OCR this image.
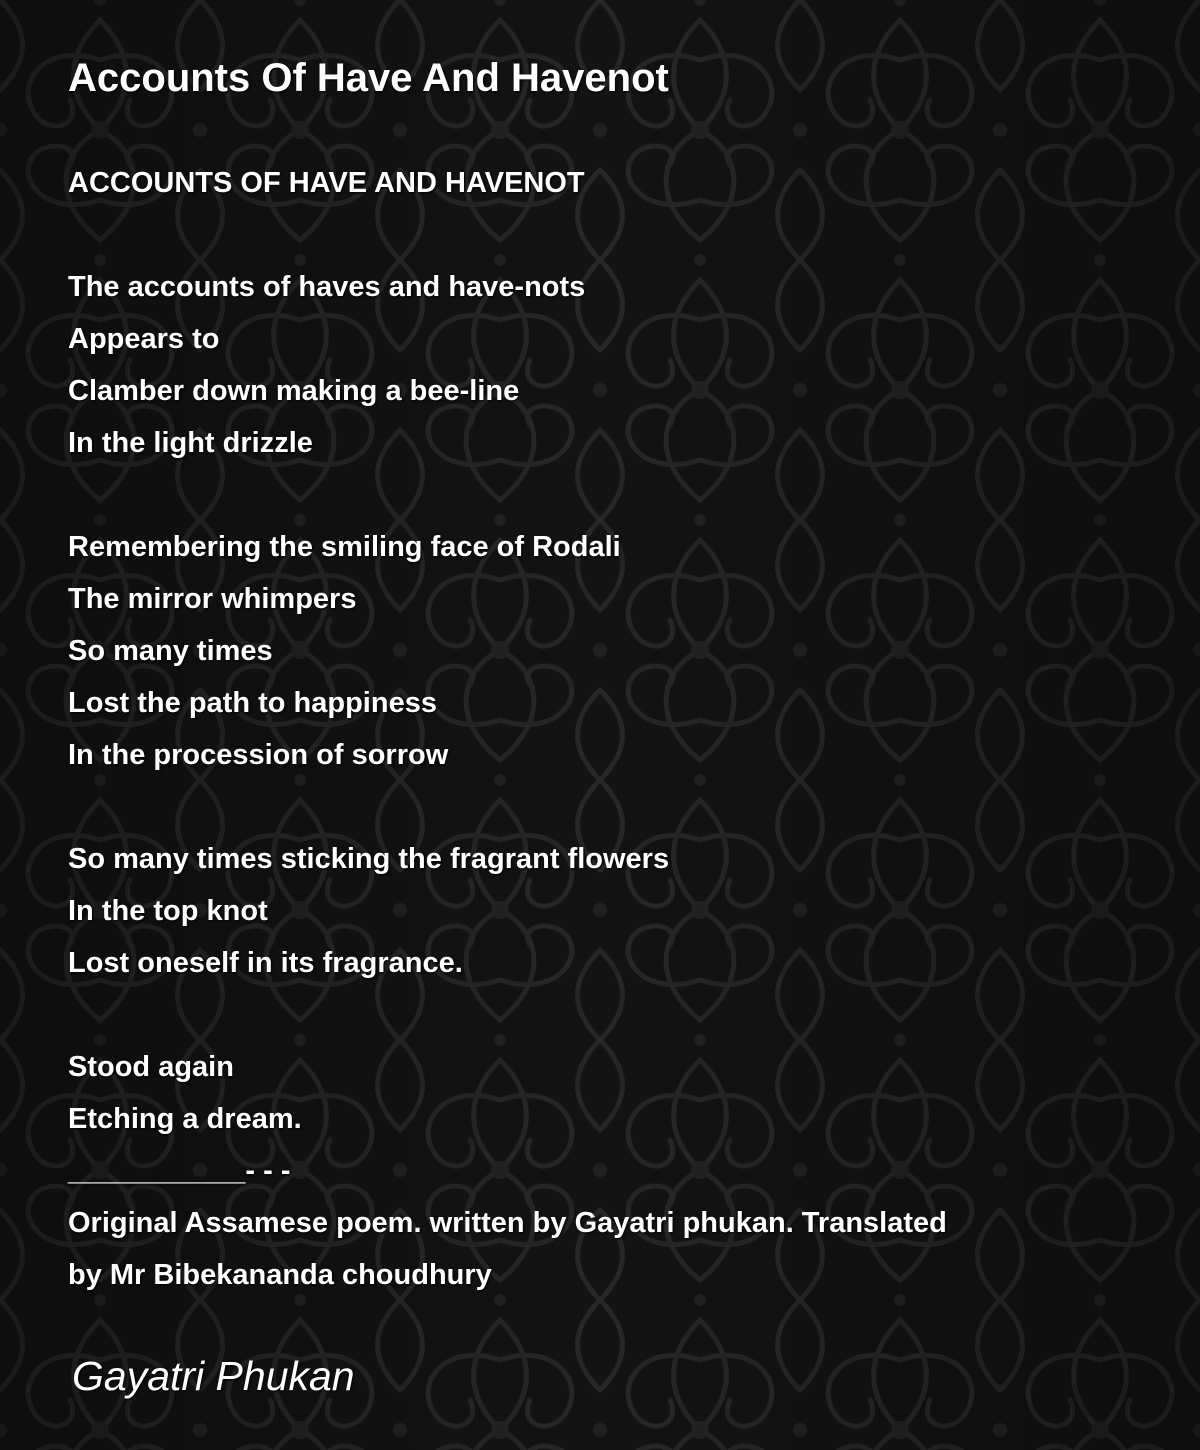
Accounts Of Have And Havenot
ACCOUNTS OF HAVE AND HAVENOT
The accounts of haves and have-nots
Appears to
Clamber down making a bee-line
In the light drizzle
Remembering the smiling face of Rodali
The mirror whimpers
So many times
Lost the path to happiness
In the procession of sorrow
So many times sticking the fragrant flowers
In the top knot
Lost oneself in its fragrance.
Stood again
Etching a dream.
___________- - -
Original Assamese poem. written by Gayatri phukan. Translated
by Mr Bibekananda choudhury
Gayatri Phukan
